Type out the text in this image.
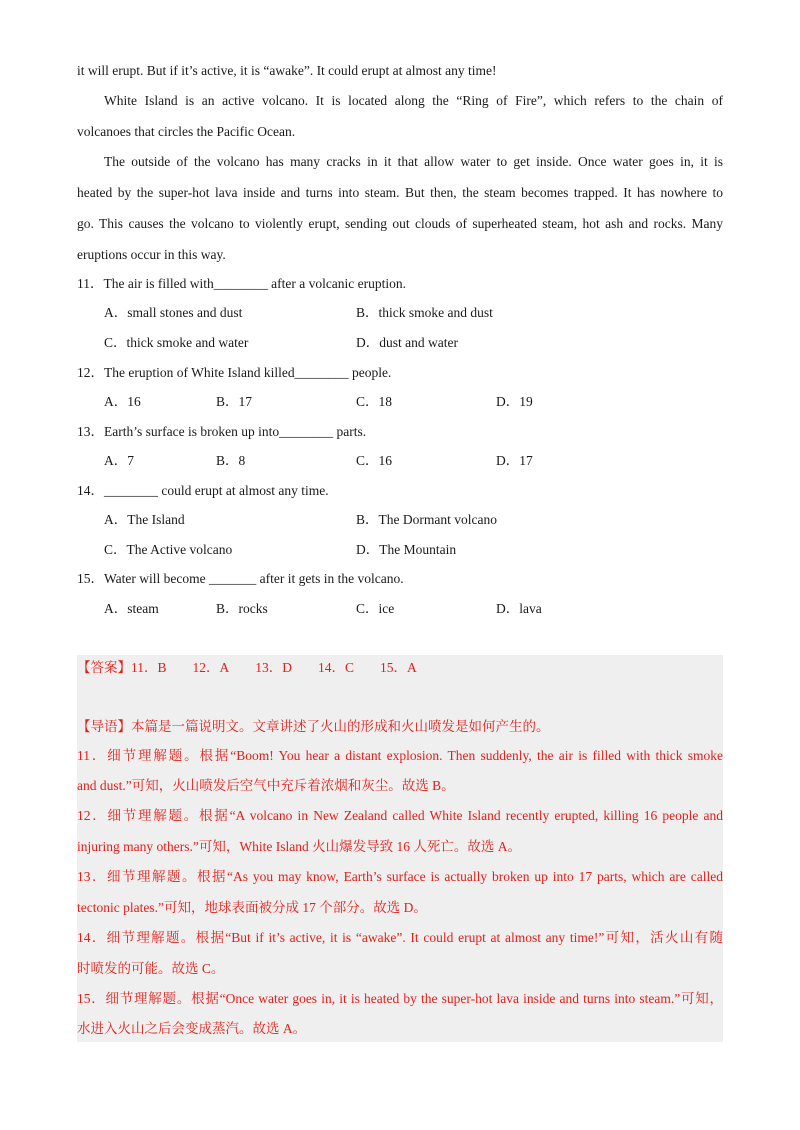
it will erupt. But if it’s active, it is “awake”. It could erupt at almost any time!
White Island is an active volcano. It is located along the “Ring of Fire”, which refers to the chain of
volcanoes that circles the Pacific Ocean.
The outside of the volcano has many cracks in it that allow water to get inside. Once water goes in, it is
heated by the super-hot lava inside and turns into steam. But then, the steam becomes trapped. It has nowhere to
go. This causes the volcano to violently erupt, sending out clouds of superheated steam, hot ash and rocks. Many
eruptions occur in this way.
11．The air is filled with________ after a volcanic eruption.
A．small stones and dust	B．thick smoke and dust
C．thick smoke and water	D．dust and water
12．The eruption of White Island killed________ people.
A．16	B．17	C．18	D．19
13．Earth’s surface is broken up into________ parts.
A．7	B．8	C．16	D．17
14．________ could erupt at almost any time.
A．The Island	B．The Dormant volcano
C．The Active volcano	D．The Mountain
15．Water will become _______ after it gets in the volcano.
A．steam	B．rocks	C．ice	D．lava
【答案】11．B 12．A 13．D 14．C 15．A
【导语】本篇是一篇说明文。文章讲述了火山的形成和火山喷发是如何产生的。
11．细节理解题。根据“Boom! You hear a distant explosion. Then suddenly, the air is filled with thick smoke
and dust.”可知，火山喷发后空气中充斥着浓烟和灰尘。故选 B。
12．细节理解题。根据“A volcano in New Zealand called White Island recently erupted, killing 16 people and
injuring many others.”可知，White Island 火山爆发导致 16 人死亡。故选 A。
13．细节理解题。根据“As you may know, Earth’s surface is actually broken up into 17 parts, which are called
tectonic plates.”可知，地球表面被分成 17 个部分。故选 D。
14．细节理解题。根据“But if it’s active, it is “awake”. It could erupt at almost any time!”可知，活火山有随
时喷发的可能。故选 C。
15．细节理解题。根据“Once water goes in, it is heated by the super-hot lava inside and turns into steam.”可知，
水进入火山之后会变成蒸汽。故选 A。
